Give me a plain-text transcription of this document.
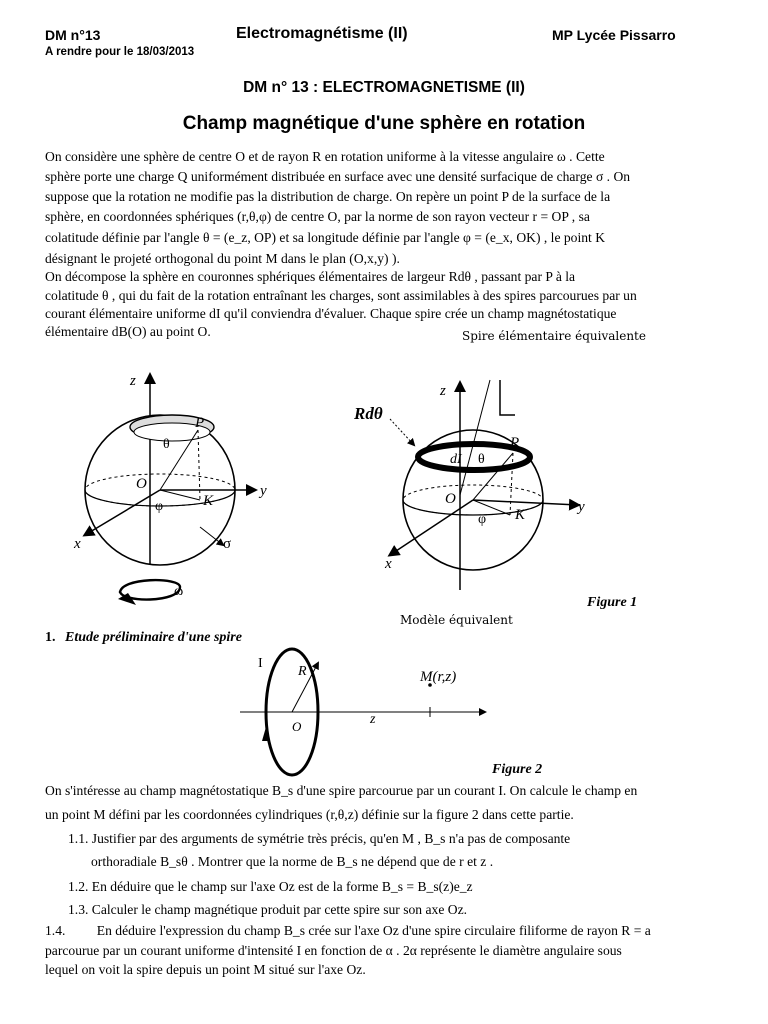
DM n°13	Electromagnétisme (II)	MP Lycée Pissarro
A rendre pour le 18/03/2013
DM n° 13 : ELECTROMAGNETISME (II)
Champ magnétique d'une sphère en rotation
On considère une sphère de centre O et de rayon R en rotation uniforme à la vitesse angulaire ω . Cette
sphère porte une charge Q uniformément distribuée en surface avec une densité surfacique de charge σ . On
suppose que la rotation ne modifie pas la distribution de charge. On repère un point P de la surface de la
sphère, en coordonnées sphériques (r,θ,φ) de centre O, par la norme de son rayon vecteur r = OP , sa
colatitude définie par l'angle θ = (e_z, OP) et sa longitude définie par l'angle φ = (e_x, OK) , le point K
désignant le projeté orthogonal du point M dans le plan (O,x,y) ).
On décompose la sphère en couronnes sphériques élémentaires de largeur Rdθ , passant par P à la
colatitude θ , qui du fait de la rotation entraînant les charges, sont assimilables à des spires parcourues par un
courant élémentaire uniforme dI qu'il conviendra d'évaluer. Chaque spire crée un champ magnétostatique
élémentaire dB(O) au point O.	Spire élémentaire équivalente
z
y
x
O
P
K
θ
φ
σ
ω
Rdθ
z
y
x
O
P
K
dI θ
φ
Figure 1
Modèle équivalent
1. Etude préliminaire d'une spire
I
R
O	z
M(r,z)
Figure 2
On s'intéresse au champ magnétostatique B_s d'une spire parcourue par un courant I. On calcule le champ en
un point M défini par les coordonnées cylindriques (r,θ,z) définie sur la figure 2 dans cette partie.
1.1. Justifier par des arguments de symétrie très précis, qu'en M , B_s n'a pas de composante
orthoradiale B_sθ . Montrer que la norme de B_s ne dépend que de r et z .
1.2. En déduire que le champ sur l'axe Oz est de la forme B_s = B_s(z)e_z
1.3. Calculer le champ magnétique produit par cette spire sur son axe Oz.
1.4. En déduire l'expression du champ B_s crée sur l'axe Oz d'une spire circulaire filiforme de rayon R = a
parcourue par un courant uniforme d'intensité I en fonction de α . 2α représente le diamètre angulaire sous
lequel on voit la spire depuis un point M situé sur l'axe Oz.
